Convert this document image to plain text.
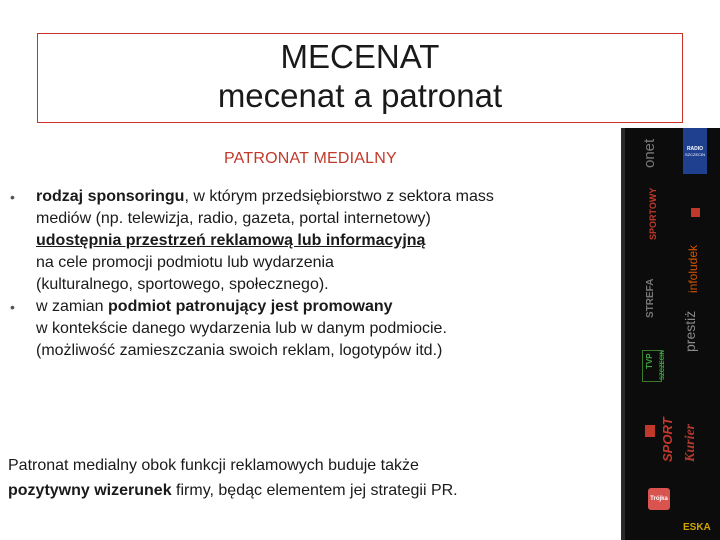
MECENAT
mecenat a patronat
PATRONAT MEDIALNY
• rodzaj sponsoringu, w którym przedsiębiorstwo z sektora mass
mediów (np. telewizja, radio, gazeta, portal internetowy)
udostępnia przestrzeń reklamową lub informacyjną
na cele promocji podmiotu lub wydarzenia
(kulturalnego, sportowego, społecznego).
• w zamian podmiot patronujący jest promowany
w kontekście danego wydarzenia lub w danym podmiocie.
(możliwość zamieszczania swoich reklam, logotypów itd.)
Patronat medialny obok funkcji reklamowych buduje także
pozytywny wizerunek firmy, będąc elementem jej strategii PR.
onet
SPORTOWY
STREFA
TVP SZCZECIN
SPORT
Trójka
RADIO
SZCZECIN
infoludek
prestiż
Kurier
ESKA
